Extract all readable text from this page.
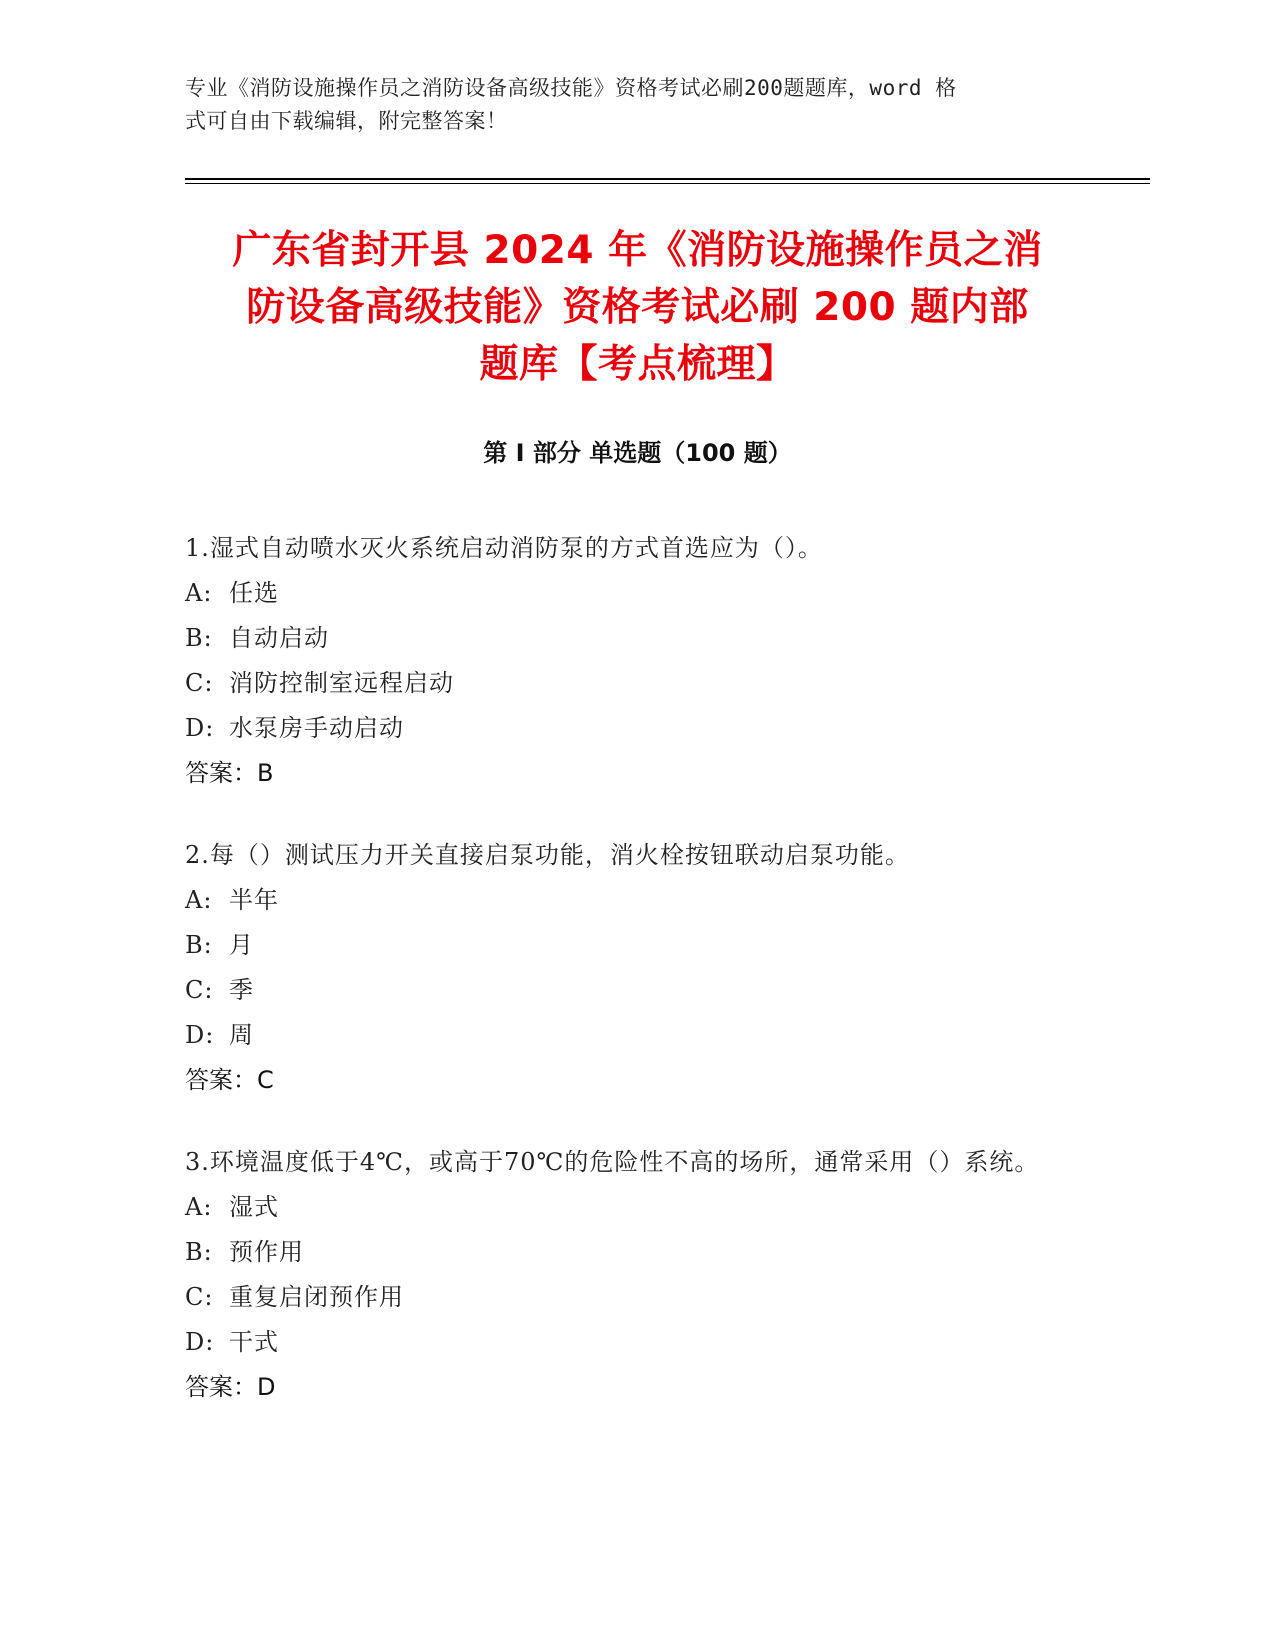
专业《消防设施操作员之消防设备高级技能》资格考试必刷200题题库，word 格
式可自由下载编辑，附完整答案！
广东省封开县 2024 年《消防设施操作员之消
防设备高级技能》资格考试必刷 200 题内部
题库【考点梳理】
第 I 部分 单选题（100 题）
1.湿式自动喷水灭火系统启动消防泵的方式首选应为（）。
A: 任选
B: 自动启动
C: 消防控制室远程启动
D: 水泵房手动启动
答案：B
2.每（）测试压力开关直接启泵功能，消火栓按钮联动启泵功能。
A: 半年
B: 月
C: 季
D: 周
答案：C
3.环境温度低于4℃，或高于70℃的危险性不高的场所，通常采用（）系统。
A: 湿式
B: 预作用
C: 重复启闭预作用
D: 干式
答案：D
